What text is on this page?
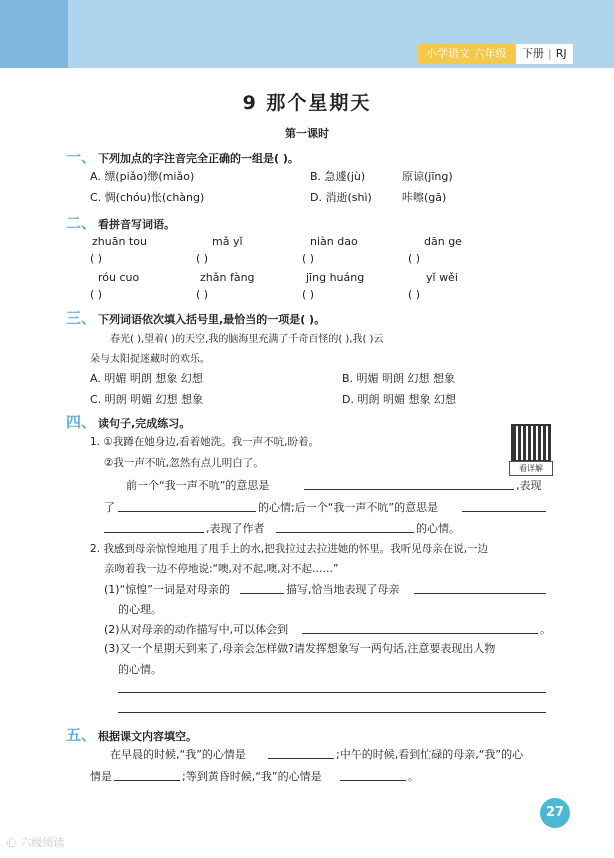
小学语文 六年级	下册 | RJ
9 那个星期天
第一课时
一、 下列加点的字注音完全正确的一组是( )。
A. 缥(piǎo)缈(miǎo)	B. 急遽(jù)	原谅(jīng)
C. 惆(chóu)怅(chàng)	D. 消逝(shì)	咔嚓(gā)
二、 看拼音写词语。
zhuān tou	mǎ yǐ	niàn dao	dān ge
( )	( )	( )	( )
róu cuo	zhǎn fàng	jīng huáng	yǐ wěi
( )	( )	( )	( )
三、 下列词语依次填入括号里,最恰当的一项是( )。
春光( ),望着( )的天空,我的脑海里充满了千奇百怪的( ),我( )云
朵与太阳捉迷藏时的欢乐。
A. 明媚 明朗 想象 幻想	B. 明媚 明朗 幻想 想象
C. 明朗 明媚 幻想 想象	D. 明朗 明媚 想象 幻想
四、 读句子,完成练习。
看详解
1. ①我蹲在她身边,看着她洗。我一声不吭,盼着。
②我一声不吭,忽然有点儿明白了。
前一个“我一声不吭”的意思是	,表现
了	的心情;后一个“我一声不吭”的意思是
,表现了作者	的心情。
2. 我感到母亲惊惶地甩了甩手上的水,把我拉过去拉进她的怀里。我听见母亲在说,一边
亲吻着我一边不停地说:“噢,对不起,噢,对不起……”
(1)“惊惶”一词是对母亲的	描写,恰当地表现了母亲
的心理。
(2)从对母亲的动作描写中,可以体会到	。
(3)又一个星期天到来了,母亲会怎样做?请发挥想象写一两句话,注意要表现出人物
的心情。
五、 根据课文内容填空。
在早晨的时候,“我”的心情是	;中午的时候,看到忙碌的母亲,“我”的心
情是	;等到黄昏时候,“我”的心情是	。
27
心 六级阅读
